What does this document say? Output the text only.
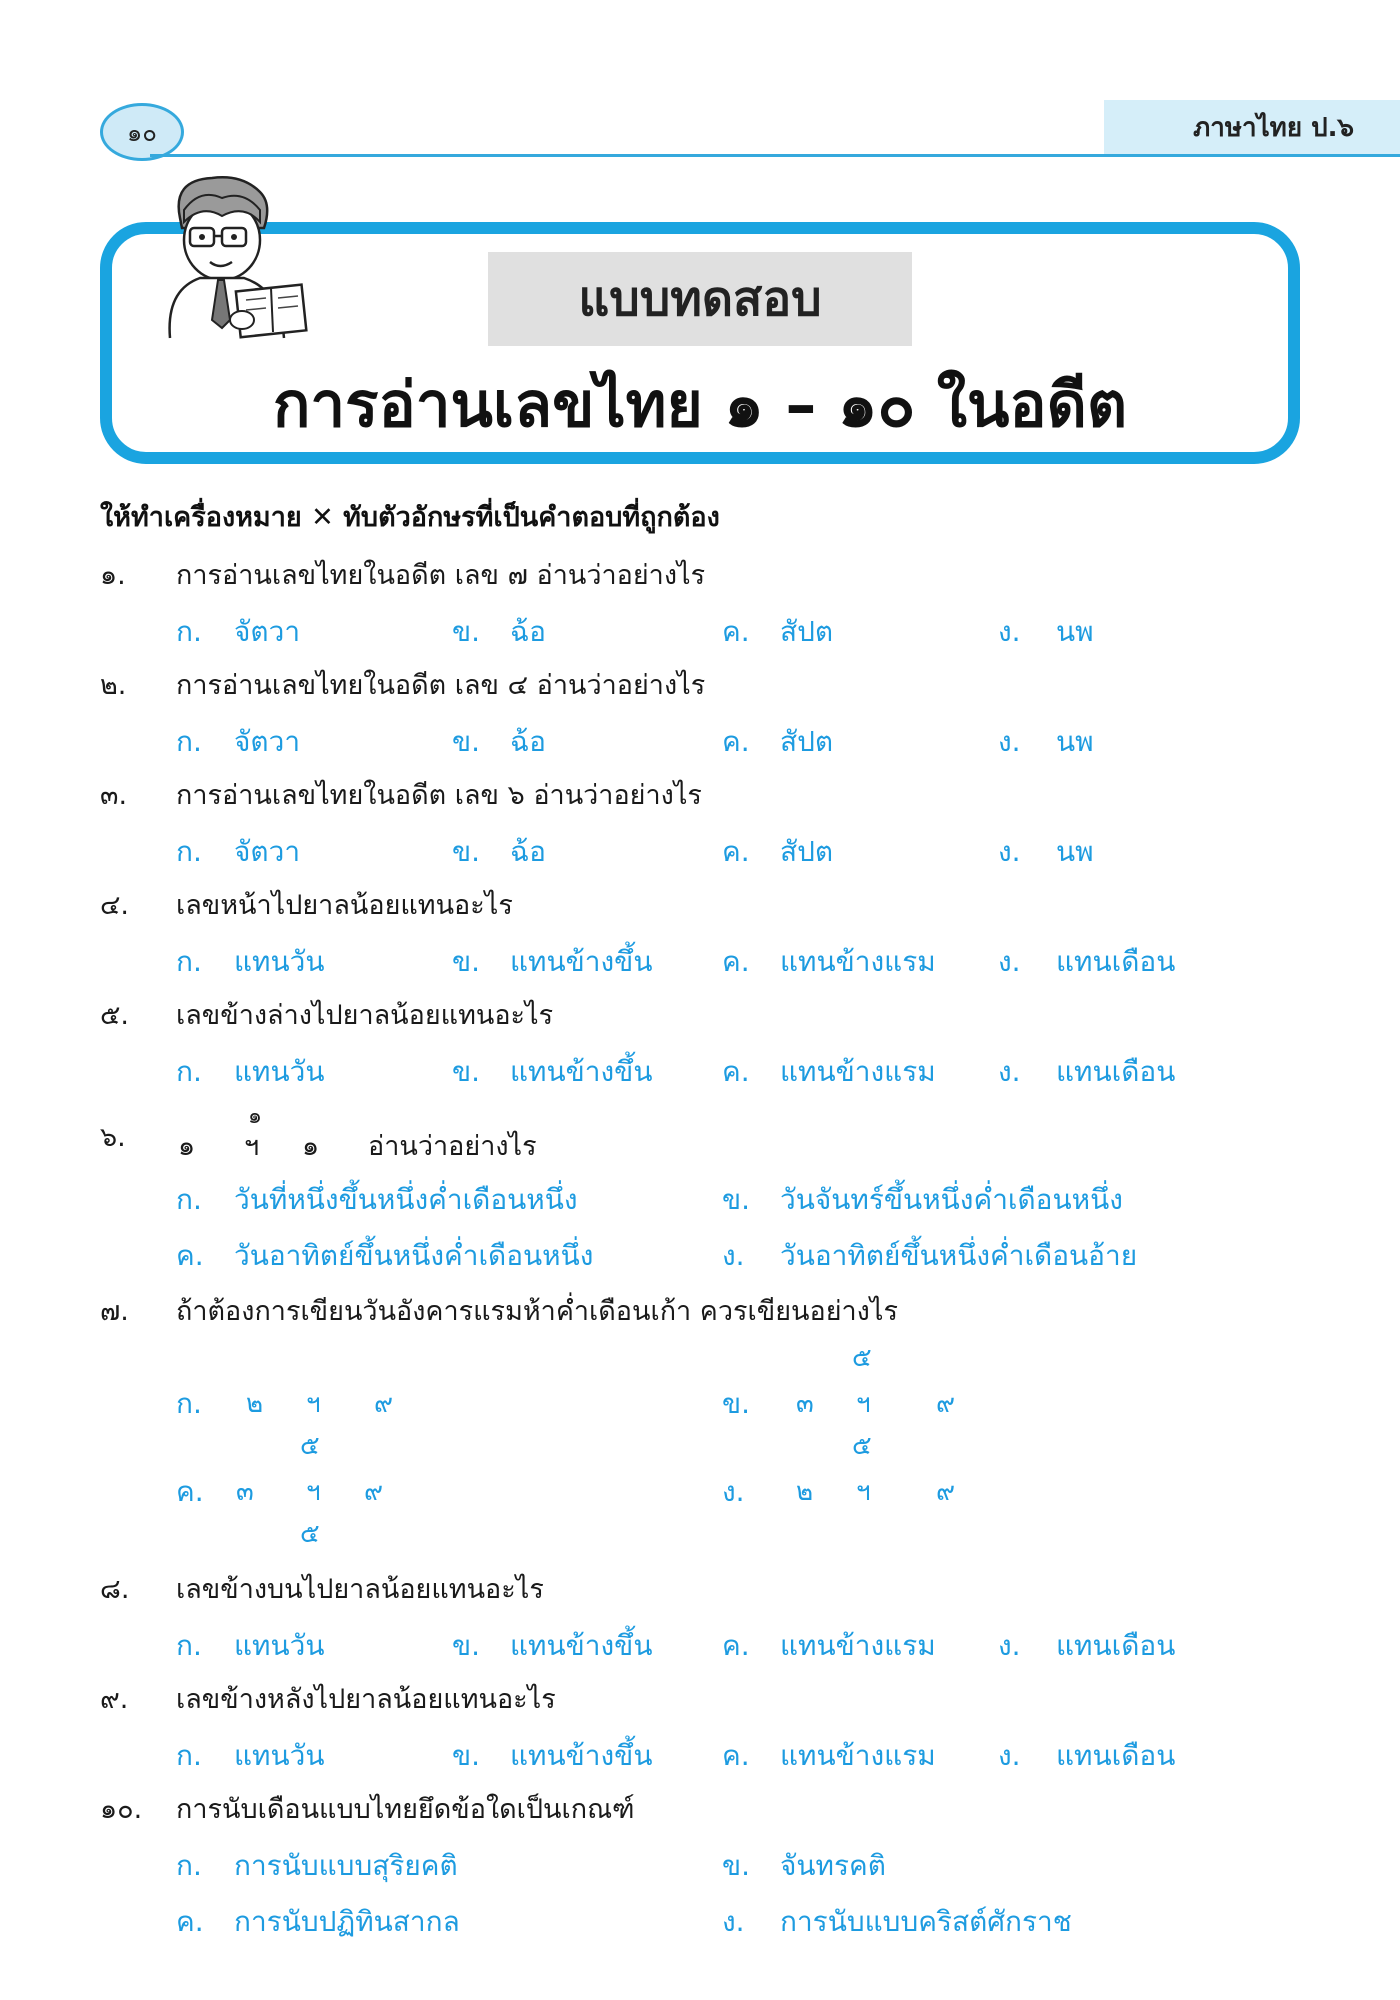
๑๐	ภาษาไทย ป.๖
แบบทดสอบ
การอ่านเลขไทย ๑ – ๑๐ ในอดีต
ให้ทำเครื่องหมาย ✕ ทับตัวอักษรที่เป็นคำตอบที่ถูกต้อง
๑.	การอ่านเลขไทยในอดีต เลข ๗ อ่านว่าอย่างไร
ก. จัตวา	ข. ฉ้อ	ค. สัปต	ง. นพ
๒.	การอ่านเลขไทยในอดีต เลข ๔ อ่านว่าอย่างไร
ก. จัตวา	ข. ฉ้อ	ค. สัปต	ง. นพ
๓.	การอ่านเลขไทยในอดีต เลข ๖ อ่านว่าอย่างไร
ก. จัตวา	ข. ฉ้อ	ค. สัปต	ง. นพ
๔.	เลขหน้าไปยาลน้อยแทนอะไร
ก. แทนวัน	ข. แทนข้างขึ้น ค. แทนข้างแรม ง. แทนเดือน
๕.	เลขข้างล่างไปยาลน้อยแทนอะไร
ก. แทนวัน	ข. แทนข้างขึ้น ค. แทนข้างแรม ง. แทนเดือน
๖.	๑
๑
ฯ ๑ อ่านว่าอย่างไร
ก. วันที่หนึ่งขึ้นหนึ่งค่ำเดือนหนึ่ง	ข. วันจันทร์ขึ้นหนึ่งค่ำเดือนหนึ่ง
ค. วันอาทิตย์ขึ้นหนึ่งค่ำเดือนหนึ่ง	ง. วันอาทิตย์ขึ้นหนึ่งค่ำเดือนอ้าย
๗.	ถ้าต้องการเขียนวันอังคารแรมห้าค่ำเดือนเก้า ควรเขียนอย่างไร
ก. ๒ ฯ ๙
๕
๕
ข. ๓ ฯ	๙
ค. ๓ ฯ ๙
๕
๕
ง. ๒ ฯ	๙
๘.	เลขข้างบนไปยาลน้อยแทนอะไร
ก. แทนวัน	ข. แทนข้างขึ้น ค. แทนข้างแรม ง. แทนเดือน
๙.	เลขข้างหลังไปยาลน้อยแทนอะไร
ก. แทนวัน	ข. แทนข้างขึ้น ค. แทนข้างแรม ง. แทนเดือน
๑๐.	การนับเดือนแบบไทยยึดข้อใดเป็นเกณฑ์
ก. การนับแบบสุริยคติ	ข. จันทรคติ
ค. การนับปฏิทินสากล	ง. การนับแบบคริสต์ศักราช
